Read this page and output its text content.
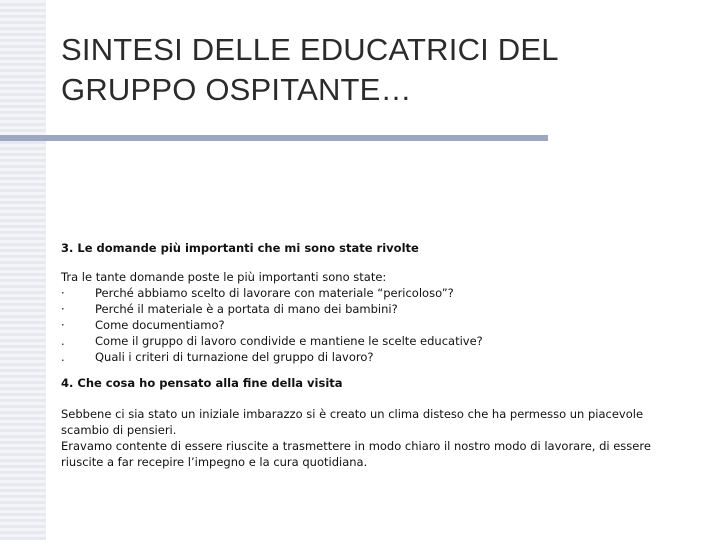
SINTESI DELLE EDUCATRICI DEL
GRUPPO OSPITANTE…
3. Le domande più importanti che mi sono state rivolte

Tra le tante domande poste le più importanti sono state:

·	Perché abbiamo scelto di lavorare con materiale “pericoloso”?
·	Perché il materiale è a portata di mano dei bambini?
·	Come documentiamo?
.	Come il gruppo di lavoro condivide e mantiene le scelte educative?
.	Quali i criteri di turnazione del gruppo di lavoro?
4. Che cosa ho pensato alla fine della visita

Sebbene ci sia stato un iniziale imbarazzo si è creato un clima disteso che ha permesso un piacevole
scambio di pensieri.
Eravamo contente di essere riuscite a trasmettere in modo chiaro il nostro modo di lavorare, di essere
riuscite a far recepire l’impegno e la cura quotidiana.
